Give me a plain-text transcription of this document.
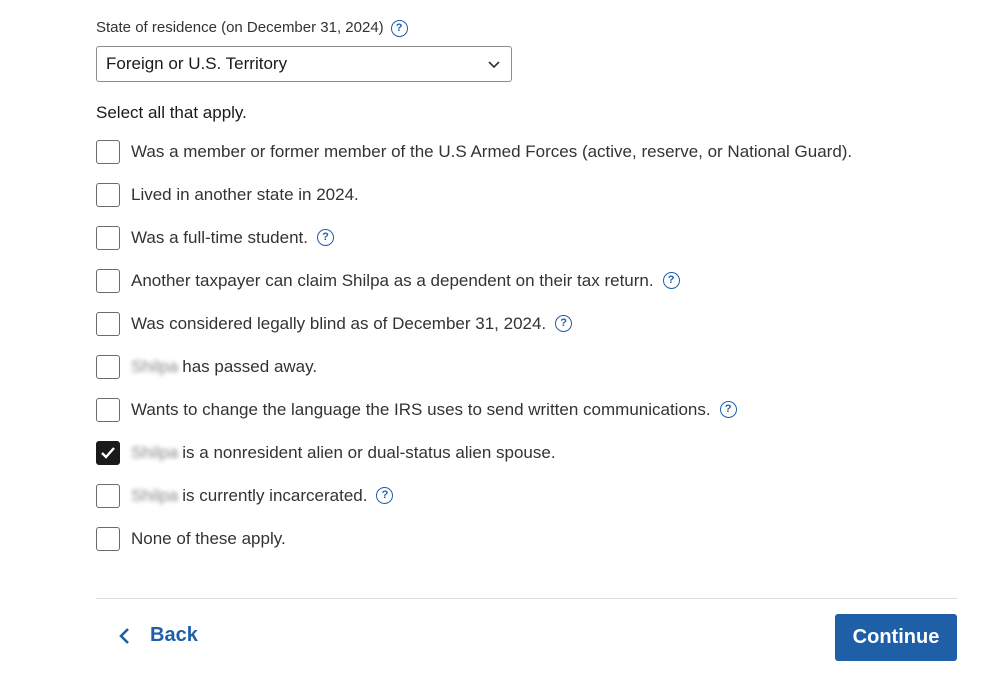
State of residence (on December 31, 2024)	?
Foreign or U.S. Territory
Select all that apply.
Was a member or former member of the U.S Armed Forces (active, reserve, or National Guard).
Lived in another state in 2024.
Was a full-time student.	?
Another taxpayer can claim Shilpa as a dependent on their tax return.	?
Was considered legally blind as of December 31, 2024.	?
Shilpa has passed away.
Wants to change the language the IRS uses to send written communications.	?
Shilpa is a nonresident alien or dual-status alien spouse.
Shilpa is currently incarcerated.	?
None of these apply.
Back	Continue
